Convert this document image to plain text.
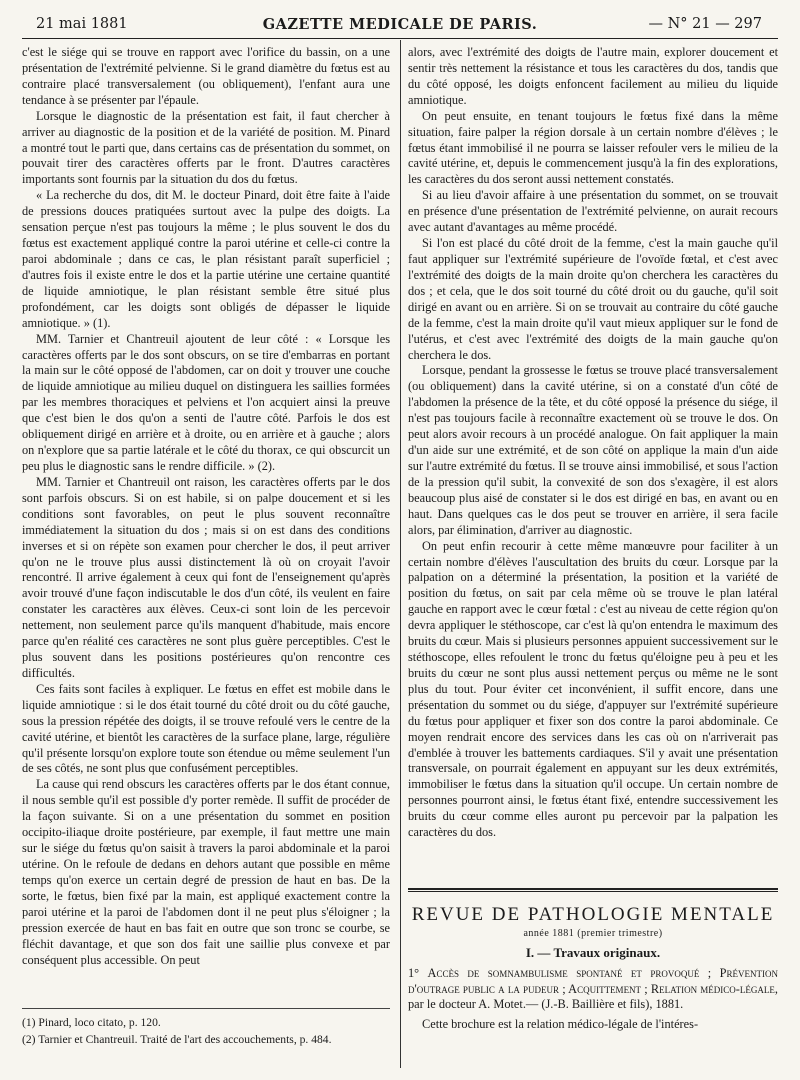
21 mai 1881	GAZETTE MEDICALE DE PARIS.	— N° 21 — 297

c'est le siége qui se trouve en rapport avec l'orifice du bassin, on a une présentation de l'extrémité pelvienne. Si le grand diamètre du fœtus est au contraire placé transversalement (ou obliquement), l'enfant aura une tendance à se présenter par l'épaule.

Lorsque le diagnostic de la présentation est fait, il faut chercher à arriver au diagnostic de la position et de la variété de position. M. Pinard a montré tout le parti que, dans certains cas de présentation du sommet, on pouvait tirer des caractères offerts par le front. D'autres caractères importants sont fournis par la situation du dos du fœtus.

« La recherche du dos, dit M. le docteur Pinard, doit être faite à l'aide de pressions douces pratiquées surtout avec la pulpe des doigts. La sensation perçue n'est pas toujours la même ; le plus souvent le dos du fœtus est exactement appliqué contre la paroi utérine et celle-ci contre la paroi abdominale ; dans ce cas, le plan résistant paraît superficiel ; d'autres fois il existe entre le dos et la partie utérine une certaine quantité de liquide amniotique, le plan résistant semble être situé plus profondément, car les doigts sont obligés de dépasser le liquide amniotique. » (1).

MM. Tarnier et Chantreuil ajoutent de leur côté : « Lorsque les caractères offerts par le dos sont obscurs, on se tire d'embarras en portant la main sur le côté opposé de l'abdomen, car on doit y trouver une couche de liquide amniotique au milieu duquel on distinguera les saillies formées par les membres thoraciques et pelviens et l'on acquiert ainsi la preuve que c'est bien le dos qu'on a senti de l'autre côté. Parfois le dos est obliquement dirigé en arrière et à droite, ou en arrière et à gauche ; alors on n'explore que sa partie latérale et le côté du thorax, ce qui obscurcit un peu plus le diagnostic sans le rendre difficile. » (2).

MM. Tarnier et Chantreuil ont raison, les caractères offerts par le dos sont parfois obscurs. Si on est habile, si on palpe doucement et si les conditions sont favorables, on peut le plus souvent reconnaître immédiatement la situation du dos ; mais si on est dans des conditions inverses et si on répète son examen pour chercher le dos, il peut arriver qu'on ne le trouve plus aussi distinctement là où on croyait l'avoir rencontré. Il arrive également à ceux qui font de l'enseignement qu'après avoir trouvé d'une façon indiscutable le dos d'un côté, ils veulent en faire constater les caractères aux élèves. Ceux-ci sont loin de les percevoir nettement, non seulement parce qu'ils manquent d'habitude, mais encore parce qu'en réalité ces caractères ne sont plus guère perceptibles. C'est le plus souvent dans les positions postérieures qu'on rencontre ces difficultés.

Ces faits sont faciles à expliquer. Le fœtus en effet est mobile dans le liquide amniotique : si le dos était tourné du côté droit ou du côté gauche, sous la pression répétée des doigts, il se trouve refoulé vers le centre de la cavité utérine, et bientôt les caractères de la surface plane, large, régulière qu'il présente lorsqu'on explore toute son étendue ou même seulement l'un de ses côtés, ne sont plus que confusément perceptibles.

La cause qui rend obscurs les caractères offerts par le dos étant connue, il nous semble qu'il est possible d'y porter remède. Il suffit de procéder de la façon suivante. Si on a une présentation du sommet en position occipito-iliaque droite postérieure, par exemple, il faut mettre une main sur le siége du fœtus qu'on saisit à travers la paroi abdominale et la paroi utérine. On le refoule de dedans en dehors autant que possible en même temps qu'on exerce un certain degré de pression de haut en bas. De la sorte, le fœtus, bien fixé par la main, est appliqué exactement contre la paroi utérine et la paroi de l'abdomen dont il ne peut plus s'éloigner ; la pression exercée de haut en bas fait en outre que son tronc se courbe, se fléchit davantage, et que son dos fait une saillie plus convexe et par conséquent plus accessible. On peut

(1) Pinard, loco citato, p. 120.

(2) Tarnier et Chantreuil. Traité de l'art des accouchements, p. 484.

alors, avec l'extrémité des doigts de l'autre main, explorer doucement et sentir très nettement la résistance et tous les caractères du dos, tandis que du côté opposé, les doigts enfoncent facilement au milieu du liquide amniotique.

On peut ensuite, en tenant toujours le fœtus fixé dans la même situation, faire palper la région dorsale à un certain nombre d'élèves ; le fœtus étant immobilisé il ne pourra se laisser refouler vers le milieu de la cavité utérine, et, depuis le commencement jusqu'à la fin des explorations, les caractères du dos seront aussi nettement constatés.

Si au lieu d'avoir affaire à une présentation du sommet, on se trouvait en présence d'une présentation de l'extrémité pelvienne, on aurait recours avec autant d'avantages au même procédé.

Si l'on est placé du côté droit de la femme, c'est la main gauche qu'il faut appliquer sur l'extrémité supérieure de l'ovoïde fœtal, et c'est avec l'extrémité des doigts de la main droite qu'on cherchera les caractères du dos ; et cela, que le dos soit tourné du côté droit ou du gauche, qu'il soit dirigé en avant ou en arrière. Si on se trouvait au contraire du côté gauche de la femme, c'est la main droite qu'il vaut mieux appliquer sur le fond de l'utérus, et c'est avec l'extrémité des doigts de la main gauche qu'on cherchera le dos.

Lorsque, pendant la grossesse le fœtus se trouve placé transversalement (ou obliquement) dans la cavité utérine, si on a constaté d'un côté de l'abdomen la présence de la tête, et du côté opposé la présence du siége, il n'est pas toujours facile à reconnaître exactement où se trouve le dos. On peut alors avoir recours à un procédé analogue. On fait appliquer la main d'un aide sur une extrémité, et de son côté on applique la main d'un aide sur l'autre extrémité du fœtus. Il se trouve ainsi immobilisé, et sous l'action de la pression qu'il subit, la convexité de son dos s'exagère, il est alors beaucoup plus aisé de constater si le dos est dirigé en bas, en avant ou en haut. Dans quelques cas le dos peut se trouver en arrière, il sera facile alors, par élimination, d'arriver au diagnostic.

On peut enfin recourir à cette même manœuvre pour faciliter à un certain nombre d'élèves l'auscultation des bruits du cœur. Lorsque par la palpation on a déterminé la présentation, la position et la variété de position du fœtus, on sait par cela même où se trouve le plan latéral gauche en rapport avec le cœur fœtal : c'est au niveau de cette région qu'on devra appliquer le stéthoscope, car c'est là qu'on entendra le maximum des bruits du cœur. Mais si plusieurs personnes appuient successivement sur le stéthoscope, elles refoulent le tronc du fœtus qu'éloigne peu à peu et les bruits du cœur ne sont plus aussi nettement perçus ou même ne le sont plus du tout. Pour éviter cet inconvénient, il suffit encore, dans une présentation du sommet ou du siége, d'appuyer sur l'extrémité supérieure du fœtus pour appliquer et fixer son dos contre la paroi abdominale. Ce moyen rendrait encore des services dans les cas où on n'arriverait pas d'emblée à trouver les battements cardiaques. S'il y avait une présentation transversale, on pourrait également en appuyant sur les deux extrémités, immobiliser le fœtus dans la situation qu'il occupe. Un certain nombre de personnes pourront ainsi, le fœtus étant fixé, entendre successivement les bruits du cœur comme elles auront pu percevoir par la palpation les caractères du dos.

REVUE DE PATHOLOGIE MENTALE
année 1881 (premier trimestre)
I. — Travaux originaux.
1° Accès de somnambulisme spontané et provoqué ; Prévention d'outrage public a la pudeur ; Acquittement ; Relation médico-légale, par le docteur A. Motet.— (J.-B. Baillière et fils), 1881.
Cette brochure est la relation médico-légale de l'intéres-
